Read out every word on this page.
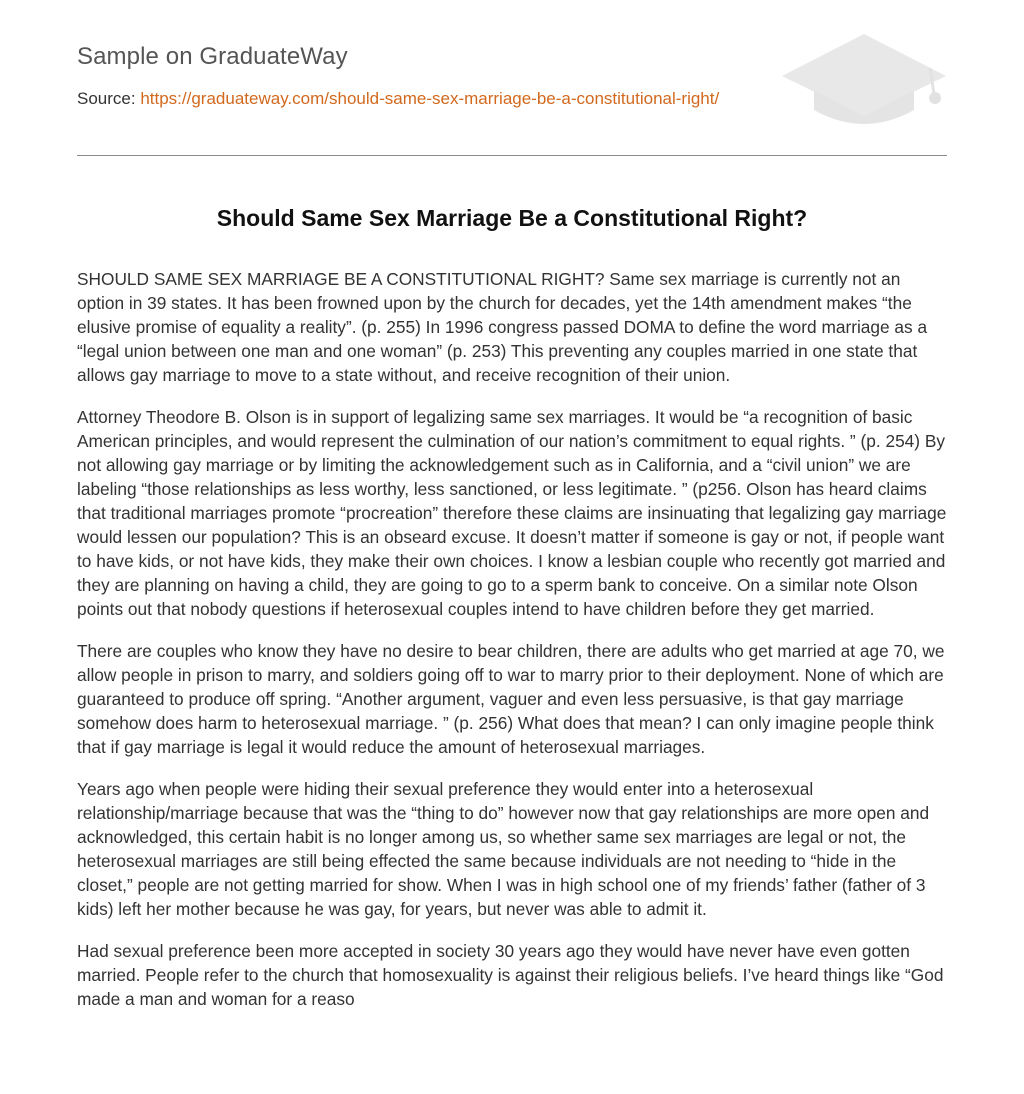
Sample on GraduateWay
Source: https://graduateway.com/should-same-sex-marriage-be-a-constitutional-right/
Should Same Sex Marriage Be a Constitutional Right?

SHOULD SAME SEX MARRIAGE BE A CONSTITUTIONAL RIGHT? Same sex marriage is currently not an option in 39 states. It has been frowned upon by the church for decades, yet the 14th amendment makes “the elusive promise of equality a reality”. (p. 255) In 1996 congress passed DOMA to define the word marriage as a “legal union between one man and one woman” (p. 253) This preventing any couples married in one state that allows gay marriage to move to a state without, and receive recognition of their union.

Attorney Theodore B. Olson is in support of legalizing same sex marriages. It would be “a recognition of basic American principles, and would represent the culmination of our nation’s commitment to equal rights. ” (p. 254) By not allowing gay marriage or by limiting the acknowledgement such as in California, and a “civil union” we are labeling “those relationships as less worthy, less sanctioned, or less legitimate. ” (p256. Olson has heard claims that traditional marriages promote “procreation” therefore these claims are insinuating that legalizing gay marriage would lessen our population? This is an obseard excuse. It doesn’t matter if someone is gay or not, if people want to have kids, or not have kids, they make their own choices. I know a lesbian couple who recently got married and they are planning on having a child, they are going to go to a sperm bank to conceive. On a similar note Olson points out that nobody questions if heterosexual couples intend to have children before they get married.

There are couples who know they have no desire to bear children, there are adults who get married at age 70, we allow people in prison to marry, and soldiers going off to war to marry prior to their deployment. None of which are guaranteed to produce off spring. “Another argument, vaguer and even less persuasive, is that gay marriage somehow does harm to heterosexual marriage. ” (p. 256) What does that mean? I can only imagine people think that if gay marriage is legal it would reduce the amount of heterosexual marriages.

Years ago when people were hiding their sexual preference they would enter into a heterosexual relationship/marriage because that was the “thing to do” however now that gay relationships are more open and acknowledged, this certain habit is no longer among us, so whether same sex marriages are legal or not, the heterosexual marriages are still being effected the same because individuals are not needing to “hide in the closet,” people are not getting married for show. When I was in high school one of my friends’ father (father of 3 kids) left her mother because he was gay, for years, but never was able to admit it.

Had sexual preference been more accepted in society 30 years ago they would have never have even gotten married. People refer to the church that homosexuality is against their religious beliefs. I’ve heard things like “God made a man and woman for a reaso
